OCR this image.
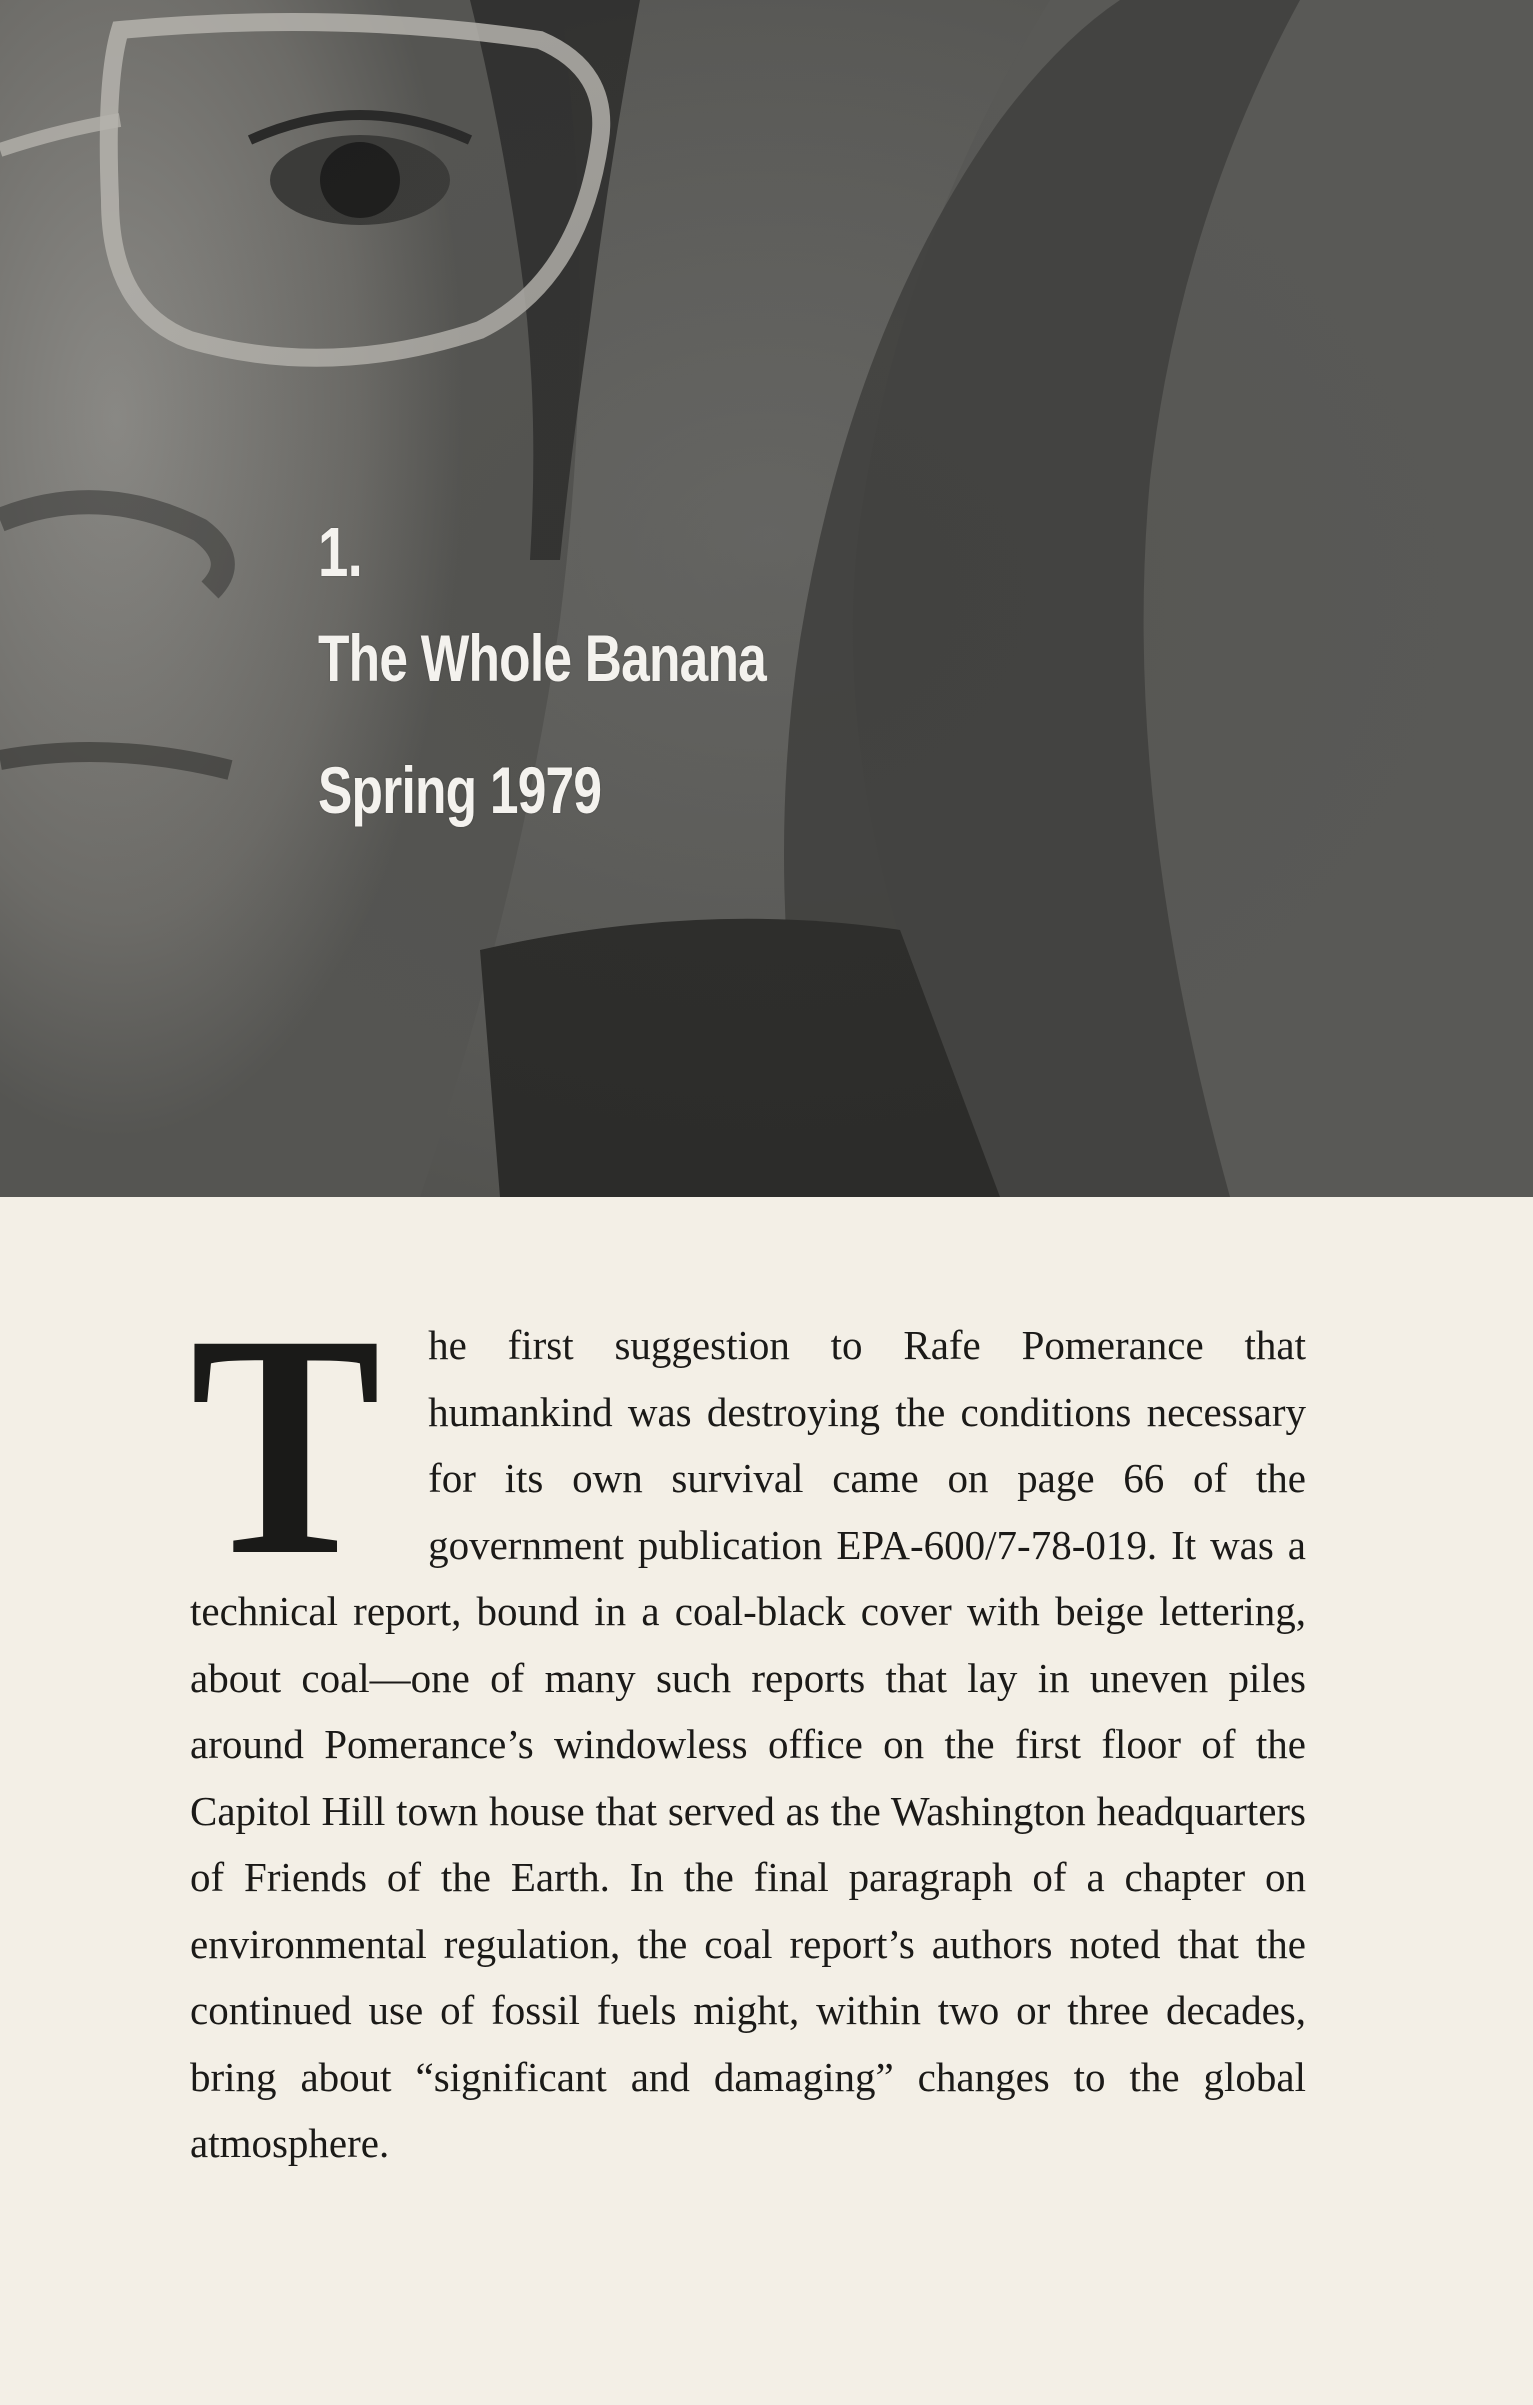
1.
The Whole Banana
Spring 1979
T he first suggestion to Rafe Pomerance that humankind was destroying the conditions necessary for its own survival came on page 66 of the government publication EPA-600/7-78-019. It was a technical report, bound in a coal-black cover with beige lettering, about coal—one of many such reports that lay in uneven piles around Pomerance’s windowless office on the first floor of the Capitol Hill town house that served as the Washington headquarters of Friends of the Earth. In the final paragraph of a chapter on environmental regulation, the coal report’s authors noted that the continued use of fossil fuels might, within two or three decades, bring about “significant and damaging” changes to the global atmosphere.
